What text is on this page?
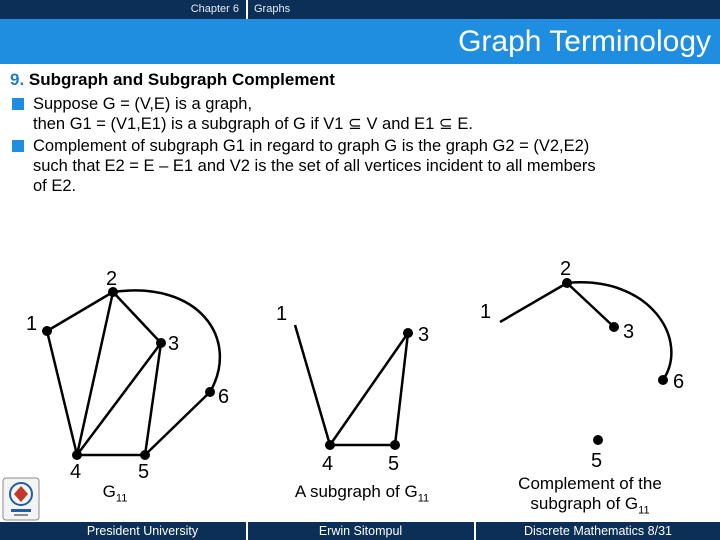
Chapter 6	Graphs
Graph Terminology
9. Subgraph and Subgraph Complement
Suppose G = (V,E) is a graph,
then G1 = (V1,E1) is a subgraph of G if V1 ⊆ V and E1 ⊆ E.
Complement of subgraph G1 in regard to graph G is the graph G2 = (V2,E2)
such that E2 = E – E1 and V2 is the set of all vertices incident to all members
of E2.
1
2
3
4	5
6
1
3
4	5
1
2
3
6
5
$G_{11}$	A subgraph of $G_{11}$
Complement of the
subgraph of $G_{11}$
President University	Erwin Sitompul	Discrete Mathematics 8/31
